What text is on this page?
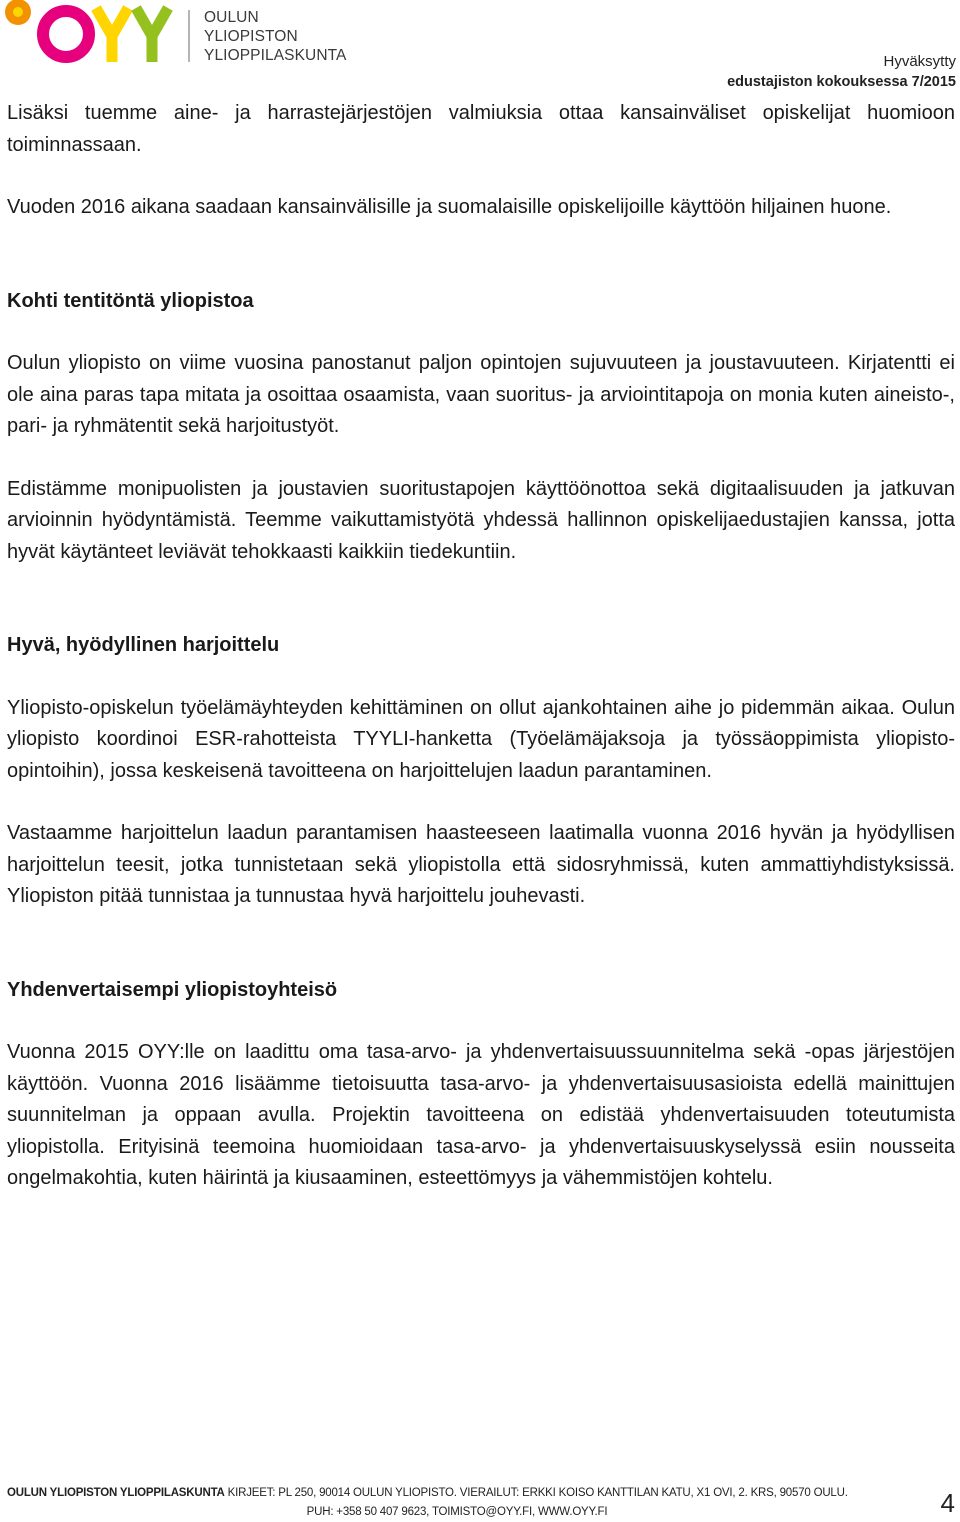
OULUN
YLIOPISTON
YLIOPPILASKUNTA	Hyväksytty
edustajiston kokouksessa 7/2015

Lisäksi tuemme aine- ja harrastejärjestöjen valmiuksia ottaa kansainväliset opiskelijat huomioon toiminnassaan.

Vuoden 2016 aikana saadaan kansainvälisille ja suomalaisille opiskelijoille käyttöön hiljainen huone.

Kohti tentitöntä yliopistoa

Oulun yliopisto on viime vuosina panostanut paljon opintojen sujuvuuteen ja joustavuuteen. Kirjatentti ei ole aina paras tapa mitata ja osoittaa osaamista, vaan suoritus- ja arviointitapoja on monia kuten aineisto-, pari- ja ryhmätentit sekä harjoitustyöt.

Edistämme monipuolisten ja joustavien suoritustapojen käyttöönottoa sekä digitaalisuuden ja jatkuvan arvioinnin hyödyntämistä. Teemme vaikuttamistyötä yhdessä hallinnon opiskelijaedustajien kanssa, jotta hyvät käytänteet leviävät tehokkaasti kaikkiin tiedekuntiin.

Hyvä, hyödyllinen harjoittelu

Yliopisto-opiskelun työelämäyhteyden kehittäminen on ollut ajankohtainen aihe jo pidemmän aikaa. Oulun yliopisto koordinoi ESR-rahotteista TYYLI-hanketta (Työelämäjaksoja ja työssäoppimista yliopisto-opintoihin), jossa keskeisenä tavoitteena on harjoittelujen laadun parantaminen.

Vastaamme harjoittelun laadun parantamisen haasteeseen laatimalla vuonna 2016 hyvän ja hyödyllisen harjoittelun teesit, jotka tunnistetaan sekä yliopistolla että sidosryhmissä, kuten ammattiyhdistyksissä. Yliopiston pitää tunnistaa ja tunnustaa hyvä harjoittelu jouhevasti.

Yhdenvertaisempi yliopistoyhteisö

Vuonna 2015 OYY:lle on laadittu oma tasa-arvo- ja yhdenvertaisuussuunnitelma sekä -opas järjestöjen käyttöön. Vuonna 2016 lisäämme tietoisuutta tasa-arvo- ja yhdenvertaisuusasioista edellä mainittujen suunnitelman ja oppaan avulla. Projektin tavoitteena on edistää yhdenvertaisuuden toteutumista yliopistolla. Erityisinä teemoina huomioidaan tasa-arvo- ja yhdenvertaisuuskyselyssä esiin nousseita ongelmakohtia, kuten häirintä ja kiusaaminen, esteettömyys ja vähemmistöjen kohtelu.

OULUN YLIOPISTON YLIOPPILASKUNTA KIRJEET: PL 250, 90014 OULUN YLIOPISTO. VIERAILUT: ERKKI KOISO KANTTILAN KATU, X1 OVI, 2. KRS, 90570 OULU.
PUH: +358 50 407 9623, TOIMISTO@OYY.FI, WWW.OYY.FI	4
